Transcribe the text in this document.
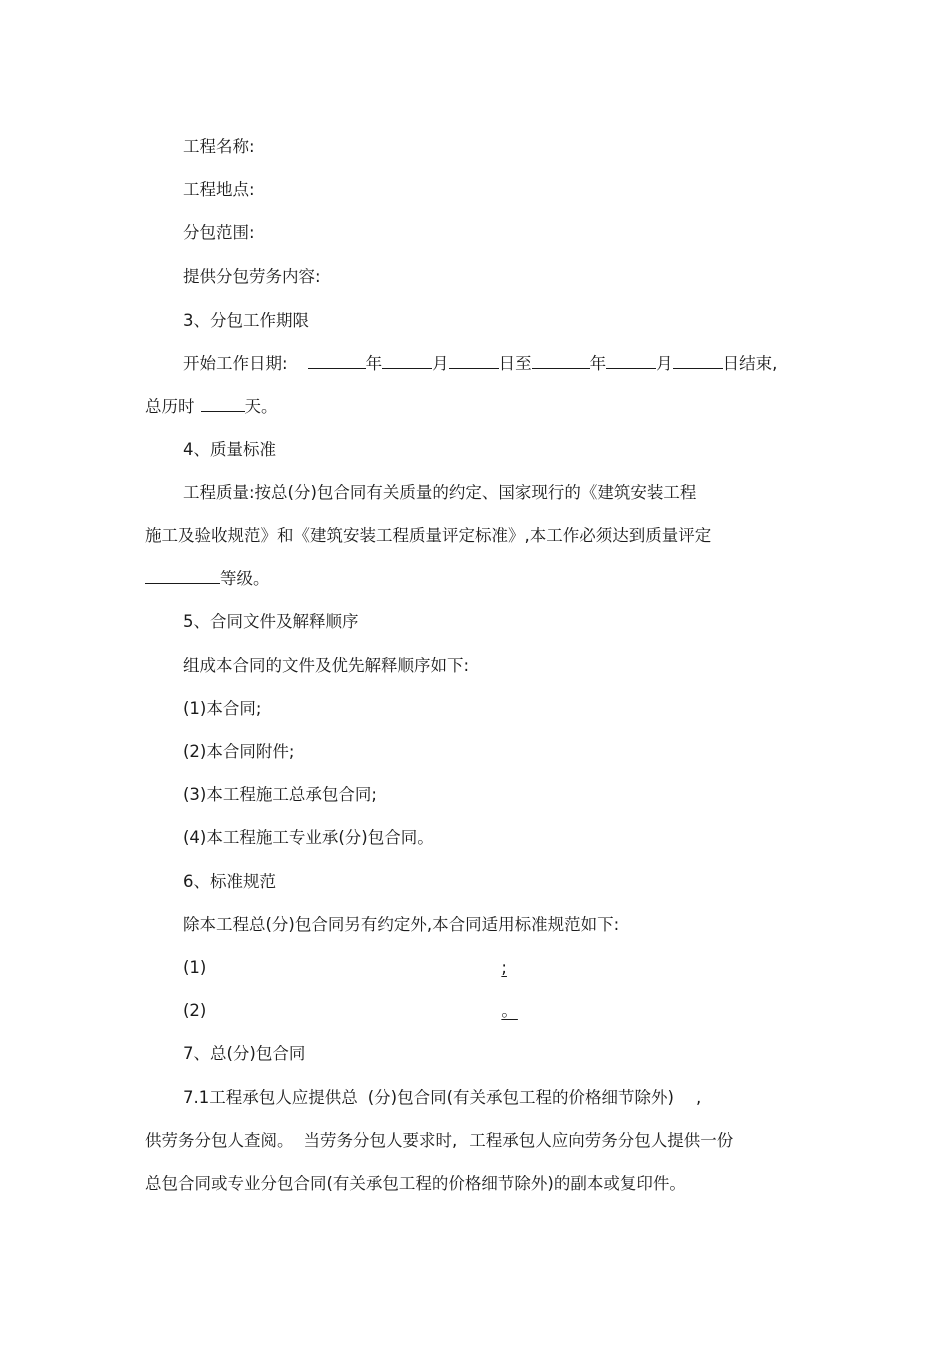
工程名称:
工程地点:
分包范围:
提供分包劳务内容:
3、分包工作期限
开始工作日期:	年	月	日至	年	月	日结束,
总历时	天。
4、质量标准
工程质量:按总(分)包合同有关质量的约定、国家现行的《建筑安装工程
施工及验收规范》和《建筑安装工程质量评定标准》,本工作必须达到质量评定
等级。
5、合同文件及解释顺序
组成本合同的文件及优先解释顺序如下:
(1)本合同;
(2)本合同附件;
(3)本工程施工总承包合同;
(4)本工程施工专业承(分)包合同。
6、标准规范
除本工程总(分)包合同另有约定外,本合同适用标准规范如下:
(1)	;
(2)	。
7、总(分)包合同
7.1工程承包人应提供总 (分)包合同(有关承包工程的价格细节除外) ,
供劳务分包人查阅。 当劳务分包人要求时, 工程承包人应向劳务分包人提供一份
总包合同或专业分包合同(有关承包工程的价格细节除外)的副本或复印件。
